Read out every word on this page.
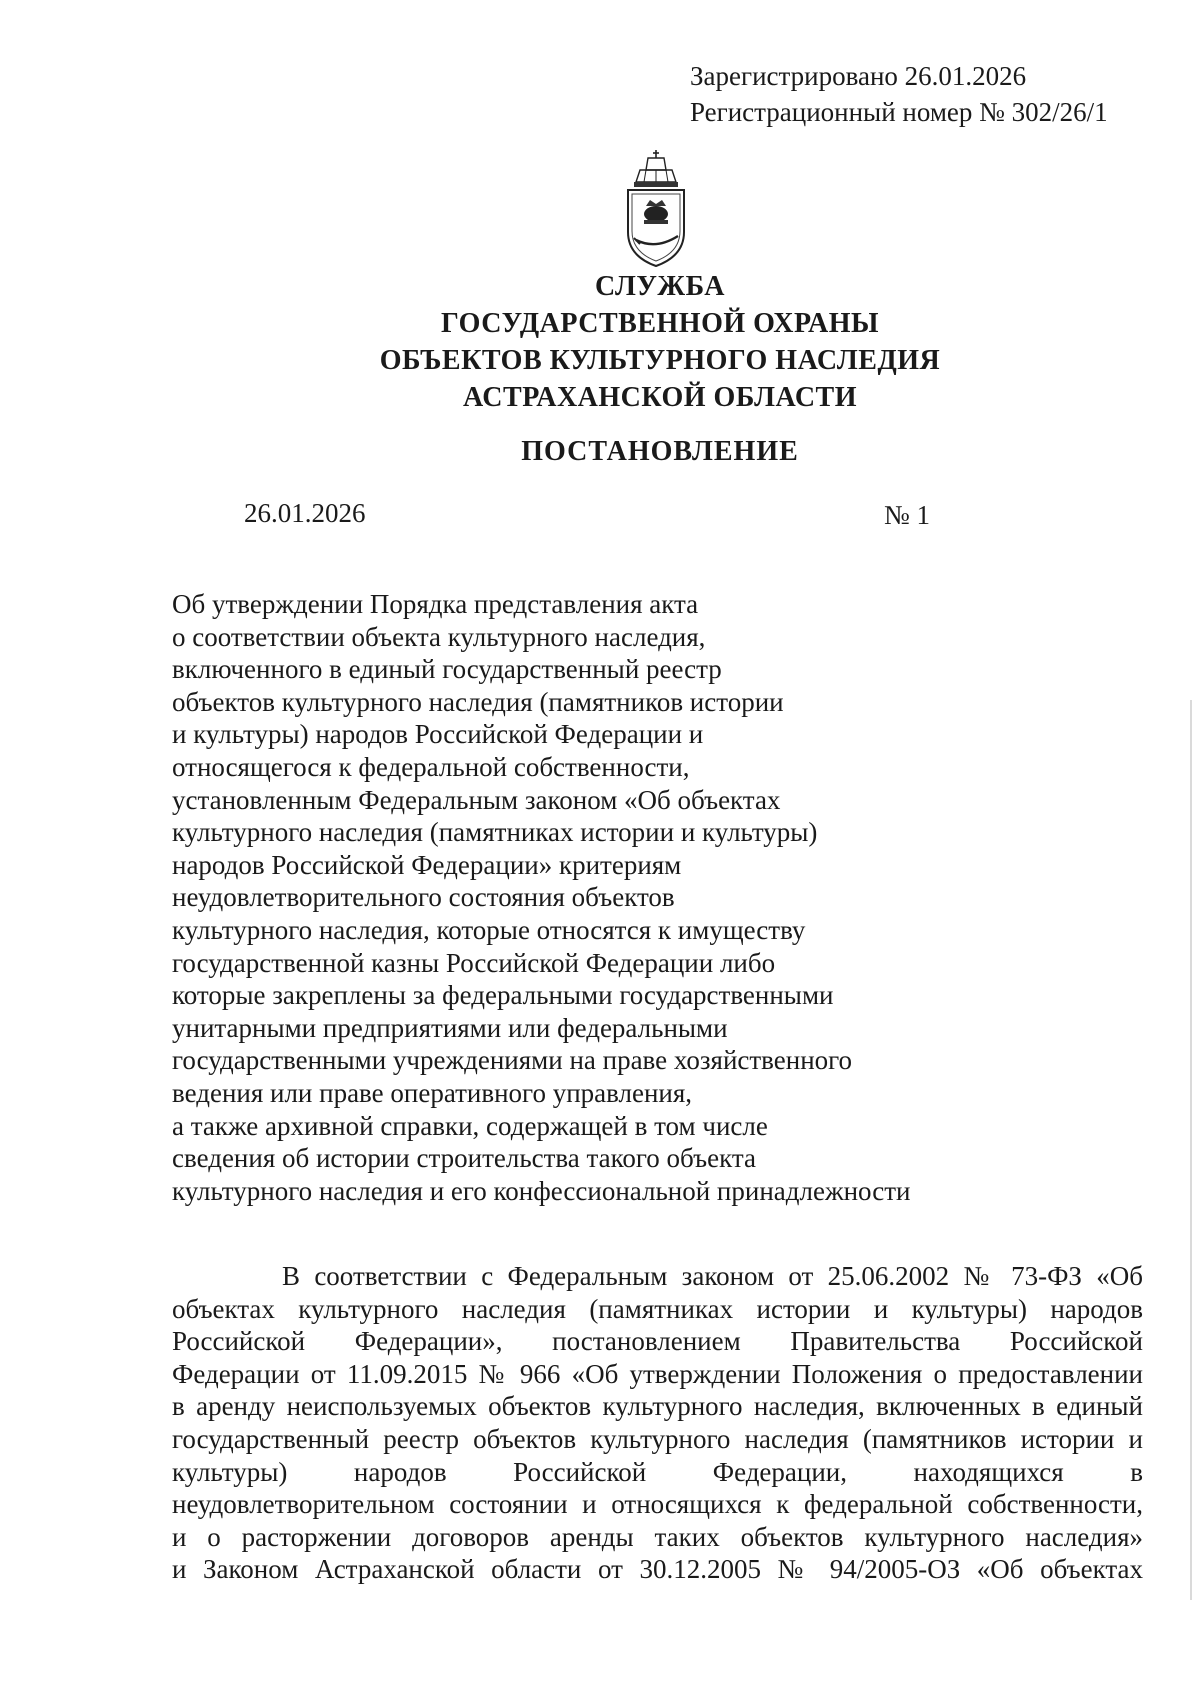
Зарегистрировано 26.01.2026
Регистрационный номер № 302/26/1
СЛУЖБА
ГОСУДАРСТВЕННОЙ ОХРАНЫ
ОБЪЕКТОВ КУЛЬТУРНОГО НАСЛЕДИЯ
АСТРАХАНСКОЙ ОБЛАСТИ
ПОСТАНОВЛЕНИЕ
26.01.2026	№ 1
Об утверждении Порядка представления акта
о соответствии объекта культурного наследия,
включенного в единый государственный реестр
объектов культурного наследия (памятников истории
и культуры) народов Российской Федерации и
относящегося к федеральной собственности,
установленным Федеральным законом «Об объектах
культурного наследия (памятниках истории и культуры)
народов Российской Федерации» критериям
неудовлетворительного состояния объектов
культурного наследия, которые относятся к имуществу
государственной казны Российской Федерации либо
которые закреплены за федеральными государственными
унитарными предприятиями или федеральными
государственными учреждениями на праве хозяйственного
ведения или праве оперативного управления,
а также архивной справки, содержащей в том числе
сведения об истории строительства такого объекта
культурного наследия и его конфессиональной принадлежности
В соответствии с Федеральным законом от 25.06.2002 № 73-ФЗ «Об
объектах культурного наследия (памятниках истории и культуры) народов
Российской Федерации», постановлением Правительства Российской
Федерации от 11.09.2015 № 966 «Об утверждении Положения о предоставлении
в аренду неиспользуемых объектов культурного наследия, включенных в единый
государственный реестр объектов культурного наследия (памятников истории и
культуры) народов Российской Федерации, находящихся в
неудовлетворительном состоянии и относящихся к федеральной собственности,
и о расторжении договоров аренды таких объектов культурного наследия»
и Законом Астраханской области от 30.12.2005 № 94/2005-ОЗ «Об объектах
